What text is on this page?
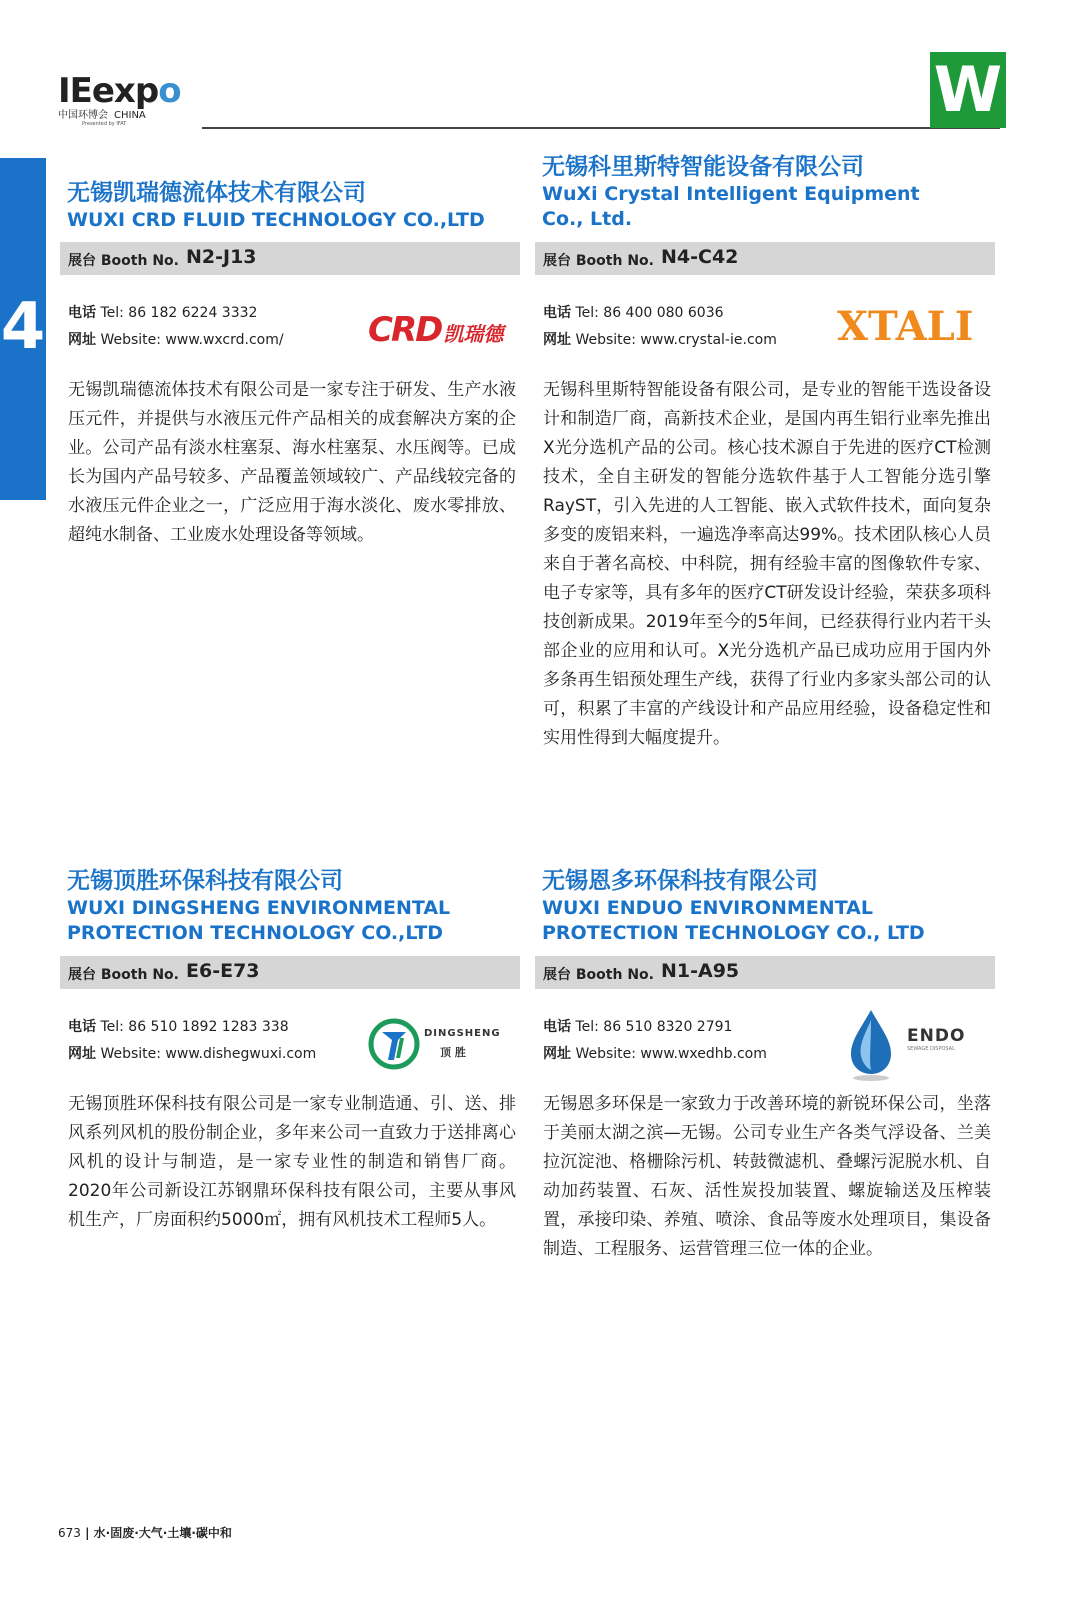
IEexpo
中国环博会 CHINA
Presented by IFAT	W
4
无锡凯瑞德流体技术有限公司
WUXI CRD FLUID TECHNOLOGY CO.,LTD
展台 Booth No. N2-J13
电话 Tel: 86 182 6224 3332
网址 Website: www.wxcrd.com/ CRD 凯瑞德
无锡凯瑞德流体技术有限公司是一家专注于研发、生产水液压元件，并提供与水液压元件产品相关的成套解决方案的企业。公司产品有淡水柱塞泵、海水柱塞泵、水压阀等。已成长为国内产品号较多、产品覆盖领域较广、产品线较完备的水液压元件企业之一，广泛应用于海水淡化、废水零排放、超纯水制备、工业废水处理设备等领域。
无锡科里斯特智能设备有限公司
WuXi Crystal Intelligent Equipment Co., Ltd.
展台 Booth No. N4-C42
电话 Tel: 86 400 080 6036
网址 Website: www.crystal-ie.com XTALI
无锡科里斯特智能设备有限公司，是专业的智能干选设备设计和制造厂商，高新技术企业，是国内再生铝行业率先推出X光分选机产品的公司。核心技术源自于先进的医疗CT检测技术，全自主研发的智能分选软件基于人工智能分选引擎RayST，引入先进的人工智能、嵌入式软件技术，面向复杂多变的废铝来料，一遍选净率高达99%。技术团队核心人员来自于著名高校、中科院，拥有经验丰富的图像软件专家、电子专家等，具有多年的医疗CT研发设计经验，荣获多项科技创新成果。2019年至今的5年间，已经获得行业内若干头部企业的应用和认可。X光分选机产品已成功应用于国内外多条再生铝预处理生产线，获得了行业内多家头部公司的认可，积累了丰富的产线设计和产品应用经验，设备稳定性和实用性得到大幅度提升。
无锡顶胜环保科技有限公司
WUXI DINGSHENG ENVIRONMENTAL PROTECTION TECHNOLOGY CO.,LTD
展台 Booth No. E6-E73
电话 Tel: 86 510 1892 1283 338
网址 Website: www.dishegwuxi.com
DINGSHENG
顶 胜
无锡顶胜环保科技有限公司是一家专业制造通、引、送、排风系列风机的股份制企业，多年来公司一直致力于送排离心风机的设计与制造，是一家专业性的制造和销售厂商。2020年公司新设江苏钢鼎环保科技有限公司，主要从事风机生产，厂房面积约5000㎡，拥有风机技术工程师5人。
无锡恩多环保科技有限公司
WUXI ENDUO ENVIRONMENTAL PROTECTION TECHNOLOGY CO., LTD
展台 Booth No. N1-A95
电话 Tel: 86 510 8320 2791
网址 Website: www.wxedhb.com
ENDO
SEWAGE DISPOSAL
无锡恩多环保是一家致力于改善环境的新锐环保公司，坐落于美丽太湖之滨—无锡。公司专业生产各类气浮设备、兰美拉沉淀池、格栅除污机、转鼓微滤机、叠螺污泥脱水机、自动加药装置、石灰、活性炭投加装置、螺旋输送及压榨装置，承接印染、养殖、喷涂、食品等废水处理项目，集设备制造、工程服务、运营管理三位一体的企业。
673 | 水·固废·大气·土壤·碳中和
